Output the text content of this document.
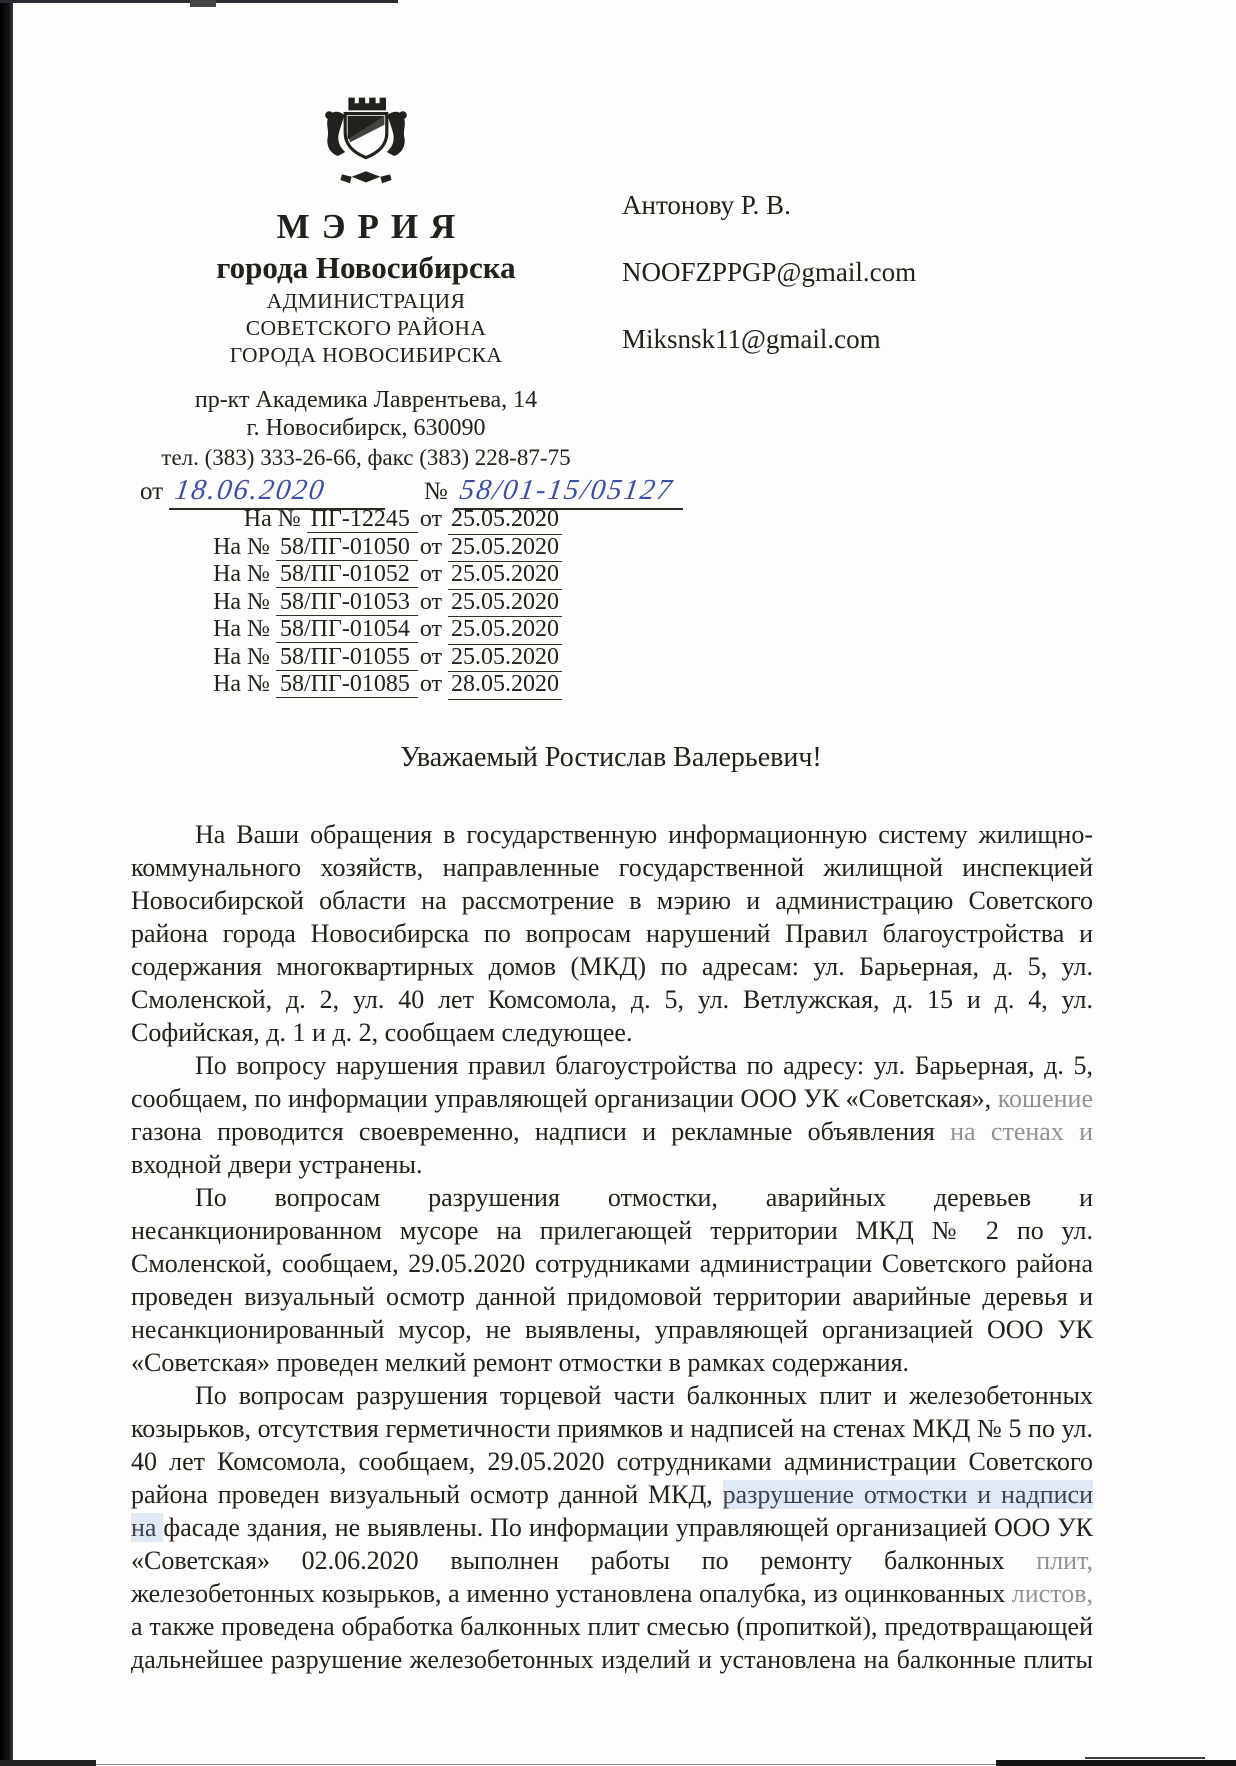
МЭРИЯ
города Новосибирска
АДМИНИСТРАЦИЯ
СОВЕТСКОГО РАЙОНА
ГОРОДА НОВОСИБИРСКА
пр-кт Академика Лаврентьева, 14
г. Новосибирск, 630090
тел. (383) 333-26-66, факс (383) 228-87-75
Антонову Р. В.
NOOFZPPGP@gmail.com
Miksnsk11@gmail.com
от 18.06.2020	№ 58/01-15/05127
На № ПГ-12245 от 25.05.2020
На № 58/ПГ-01050 от 25.05.2020
На № 58/ПГ-01052 от 25.05.2020
На № 58/ПГ-01053 от 25.05.2020
На № 58/ПГ-01054 от 25.05.2020
На № 58/ПГ-01055 от 25.05.2020
На № 58/ПГ-01085 от 28.05.2020
Уважаемый Ростислав Валерьевич!

На Ваши обращения в государственную информационную систему жилищно-коммунального хозяйств, направленные государственной жилищной инспекцией Новосибирской области на рассмотрение в мэрию и администрацию Советского района города Новосибирска по вопросам нарушений Правил благоустройства и содержания многоквартирных домов (МКД) по адресам: ул. Барьерная, д. 5, ул. Смоленской, д. 2, ул. 40 лет Комсомола, д. 5, ул. Ветлужская, д. 15 и д. 4, ул. Софийская, д. 1 и д. 2, сообщаем следующее.

По вопросу нарушения правил благоустройства по адресу: ул. Барьерная, д. 5, сообщаем, по информации управляющей организации ООО УК «Советская», кошение газона проводится своевременно, надписи и рекламные объявления на стенах и входной двери устранены.

По вопросам разрушения отмостки, аварийных деревьев и несанкционированном мусоре на прилегающей территории МКД № 2 по ул. Смоленской, сообщаем, 29.05.2020 сотрудниками администрации Советского района проведен визуальный осмотр данной придомовой территории аварийные деревья и несанкционированный мусор, не выявлены, управляющей организацией ООО УК «Советская» проведен мелкий ремонт отмостки в рамках содержания.

По вопросам разрушения торцевой части балконных плит и железобетонных козырьков, отсутствия герметичности приямков и надписей на стенах МКД № 5 по ул. 40 лет Комсомола, сообщаем, 29.05.2020 сотрудниками администрации Советского района проведен визуальный осмотр данной МКД, разрушение отмостки и надписи на фасаде здания, не выявлены. По информации управляющей организацией ООО УК «Советская» 02.06.2020 выполнен работы по ремонту балконных плит, железобетонных козырьков, а именно установлена опалубка, из оцинкованных листов, а также проведена обработка балконных плит смесью (пропиткой), предотвращающей дальнейшее разрушение железобетонных изделий и установлена на балконные плиты
